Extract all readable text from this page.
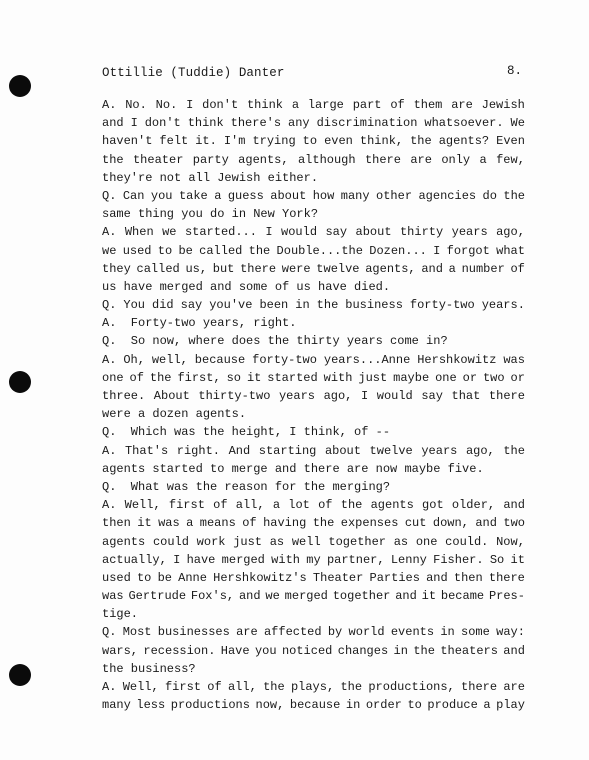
Ottillie (Tuddie) Danter	8.
A. No. No. I don't think a large part of them are Jewish
and I don't think there's any discrimination whatsoever. We
haven't felt it. I'm trying to even think, the agents? Even
the theater party agents, although there are only a few,
they're not all Jewish either.
Q. Can you take a guess about how many other agencies do the
same thing you do in New York?
A. When we started... I would say about thirty years ago,
we used to be called the Double...the Dozen... I forgot what
they called us, but there were twelve agents, and a number of
us have merged and some of us have died.
Q. You did say you've been in the business forty-two years.
A.  Forty-two years, right.
Q.  So now, where does the thirty years come in?
A. Oh, well, because forty-two years...Anne Hershkowitz was
one of the first, so it started with just maybe one or two or
three. About thirty-two years ago, I would say that there
were a dozen agents.
Q.  Which was the height, I think, of --
A. That's right. And starting about twelve years ago, the
agents started to merge and there are now maybe five.
Q.  What was the reason for the merging?
A. Well, first of all, a lot of the agents got older, and
then it was a means of having the expenses cut down, and two
agents could work just as well together as one could. Now,
actually, I have merged with my partner, Lenny Fisher. So it
used to be Anne Hershkowitz's Theater Parties and then there
was Gertrude Fox's, and we merged together and it became Pres-
tige.
Q. Most businesses are affected by world events in some way:
wars, recession. Have you noticed changes in the theaters and
the business?
A. Well, first of all, the plays, the productions, there are
many less productions now, because in order to produce a play
